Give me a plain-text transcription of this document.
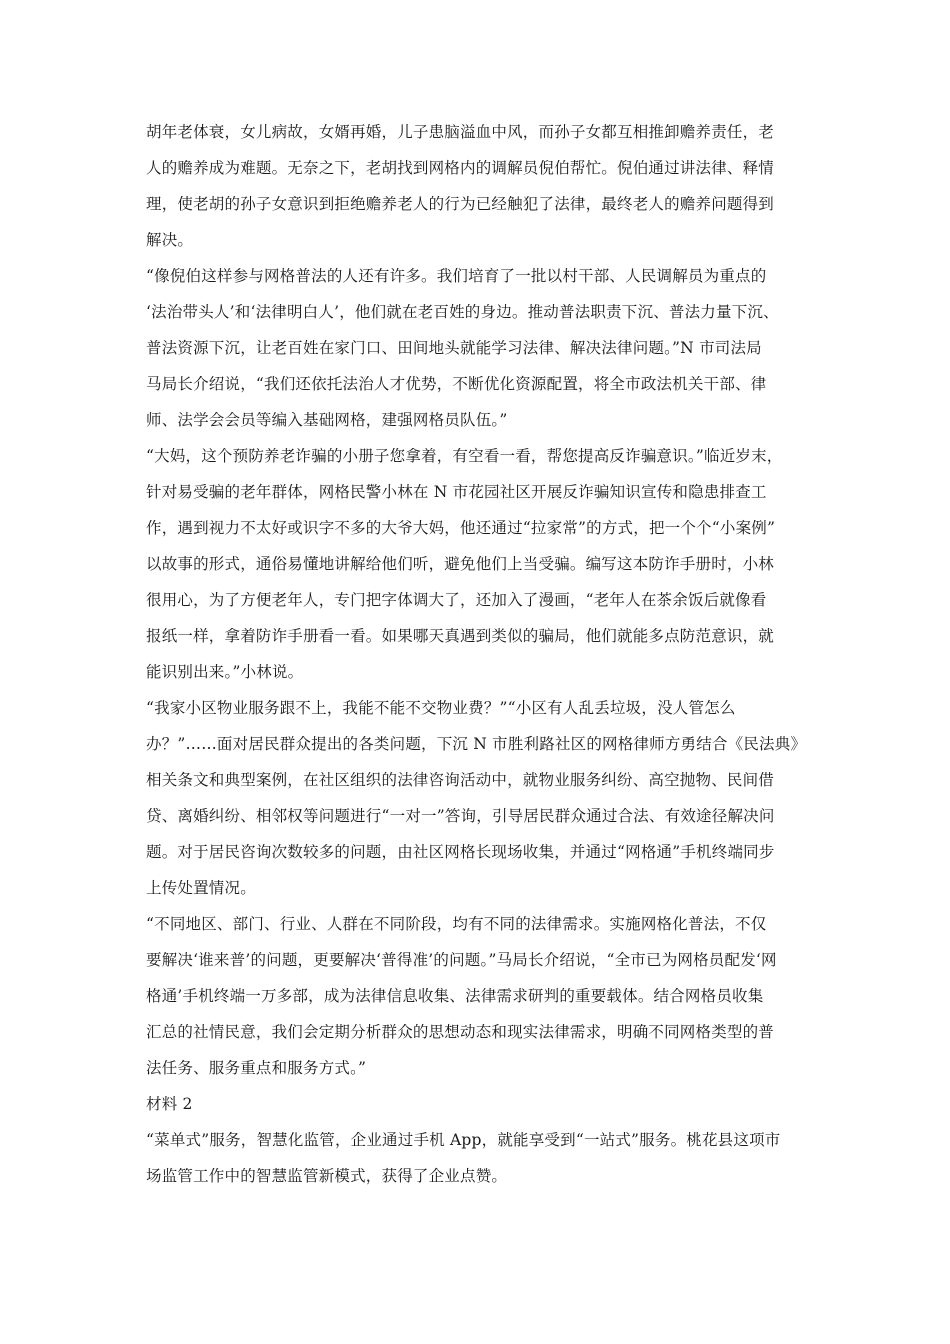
胡年老体衰，女儿病故，女婿再婚，儿子患脑溢血中风，而孙子女都互相推卸赡养责任，老
人的赡养成为难题。无奈之下，老胡找到网格内的调解员倪伯帮忙。倪伯通过讲法律、释情
理，使老胡的孙子女意识到拒绝赡养老人的行为已经触犯了法律，最终老人的赡养问题得到
解决。
“像倪伯这样参与网格普法的人还有许多。我们培育了一批以村干部、人民调解员为重点的
‘法治带头人’和‘法律明白人’，他们就在老百姓的身边。推动普法职责下沉、普法力量下沉、
普法资源下沉，让老百姓在家门口、田间地头就能学习法律、解决法律问题。”N 市司法局
马局长介绍说，“我们还依托法治人才优势，不断优化资源配置，将全市政法机关干部、律
师、法学会会员等编入基础网格，建强网格员队伍。”
“大妈，这个预防养老诈骗的小册子您拿着，有空看一看，帮您提高反诈骗意识。”临近岁末，
针对易受骗的老年群体，网格民警小林在 N 市花园社区开展反诈骗知识宣传和隐患排查工
作，遇到视力不太好或识字不多的大爷大妈，他还通过“拉家常”的方式，把一个个“小案例”
以故事的形式，通俗易懂地讲解给他们听，避免他们上当受骗。编写这本防诈手册时，小林
很用心，为了方便老年人，专门把字体调大了，还加入了漫画，“老年人在茶余饭后就像看
报纸一样，拿着防诈手册看一看。如果哪天真遇到类似的骗局，他们就能多点防范意识，就
能识别出来。”小林说。
“我家小区物业服务跟不上，我能不能不交物业费？”“小区有人乱丢垃圾，没人管怎么
办？”……面对居民群众提出的各类问题，下沉 N 市胜利路社区的网格律师方勇结合《民法典》
相关条文和典型案例，在社区组织的法律咨询活动中，就物业服务纠纷、高空抛物、民间借
贷、离婚纠纷、相邻权等问题进行“一对一”答询，引导居民群众通过合法、有效途径解决问
题。对于居民咨询次数较多的问题，由社区网格长现场收集，并通过“网格通”手机终端同步
上传处置情况。
“不同地区、部门、行业、人群在不同阶段，均有不同的法律需求。实施网格化普法，不仅
要解决‘谁来普’的问题，更要解决‘普得准’的问题。”马局长介绍说，“全市已为网格员配发‘网
格通’手机终端一万多部，成为法律信息收集、法律需求研判的重要载体。结合网格员收集
汇总的社情民意，我们会定期分析群众的思想动态和现实法律需求，明确不同网格类型的普
法任务、服务重点和服务方式。”
材料 2
“菜单式”服务，智慧化监管，企业通过手机 App，就能享受到“一站式”服务。桃花县这项市
场监管工作中的智慧监管新模式，获得了企业点赞。
